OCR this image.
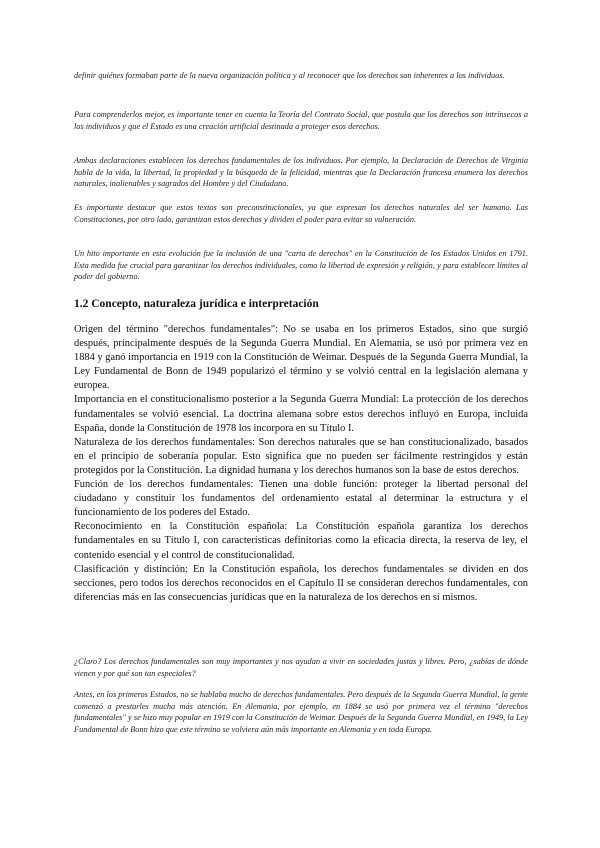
definir quiénes formaban parte de la nueva organización política y al reconocer que los derechos son inherentes a los individuos.

Para comprenderlos mejor, es importante tener en cuenta la Teoría del Contrato Social, que postula que los derechos son intrínsecos a los individuos y que el Estado es una creación artificial destinada a proteger esos derechos.

Ambas declaraciones establecen los derechos fundamentales de los individuos. Por ejemplo, la Declaración de Derechos de Virginia habla de la vida, la libertad, la propiedad y la búsqueda de la felicidad, mientras que la Declaración francesa enumera los derechos naturales, inalienables y sagrados del Hombre y del Ciudadano.

Es importante destacar que estos textos son preconstitucionales, ya que expresan los derechos naturales del ser humano. Las Constituciones, por otro lado, garantizan estos derechos y dividen el poder para evitar su vulneración.

Un hito importante en esta evolución fue la inclusión de una "carta de derechos" en la Constitución de los Estados Unidos en 1791. Esta medida fue crucial para garantizar los derechos individuales, como la libertad de expresión y religión, y para establecer límites al poder del gobierno.

1.2 Concepto, naturaleza jurídica e interpretación

Origen del término "derechos fundamentales": No se usaba en los primeros Estados, sino que surgió después, principalmente después de la Segunda Guerra Mundial. En Alemania, se usó por primera vez en 1884 y ganó importancia en 1919 con la Constitución de Weimar. Después de la Segunda Guerra Mundial, la Ley Fundamental de Bonn de 1949 popularizó el término y se volvió central en la legislación alemana y europea.

Importancia en el constitucionalismo posterior a la Segunda Guerra Mundial: La protección de los derechos fundamentales se volvió esencial. La doctrina alemana sobre estos derechos influyó en Europa, incluida España, donde la Constitución de 1978 los incorpora en su Título I.

Naturaleza de los derechos fundamentales: Son derechos naturales que se han constitucionalizado, basados en el principio de soberanía popular. Esto significa que no pueden ser fácilmente restringidos y están protegidos por la Constitución. La dignidad humana y los derechos humanos son la base de estos derechos.

Función de los derechos fundamentales: Tienen una doble función: proteger la libertad personal del ciudadano y constituir los fundamentos del ordenamiento estatal al determinar la estructura y el funcionamiento de los poderes del Estado.

Reconocimiento en la Constitución española: La Constitución española garantiza los derechos fundamentales en su Título I, con características definitorias como la eficacia directa, la reserva de ley, el contenido esencial y el control de constitucionalidad.

Clasificación y distinción: En la Constitución española, los derechos fundamentales se dividen en dos secciones, pero todos los derechos reconocidos en el Capítulo II se consideran derechos fundamentales, con diferencias más en las consecuencias jurídicas que en la naturaleza de los derechos en sí mismos.

¿Claro? Los derechos fundamentales son muy importantes y nos ayudan a vivir en sociedades justas y libres. Pero, ¿sabías de dónde vienen y por qué son tan especiales?

Antes, en los primeros Estados, no se hablaba mucho de derechos fundamentales. Pero después de la Segunda Guerra Mundial, la gente comenzó a prestarles mucha más atención. En Alemania, por ejemplo, en 1884 se usó por primera vez el término "derechos fundamentales" y se hizo muy popular en 1919 con la Constitución de Weimar. Después de la Segunda Guerra Mundial, en 1949, la Ley Fundamental de Bonn hizo que este término se volviera aún más importante en Alemania y en toda Europa.
